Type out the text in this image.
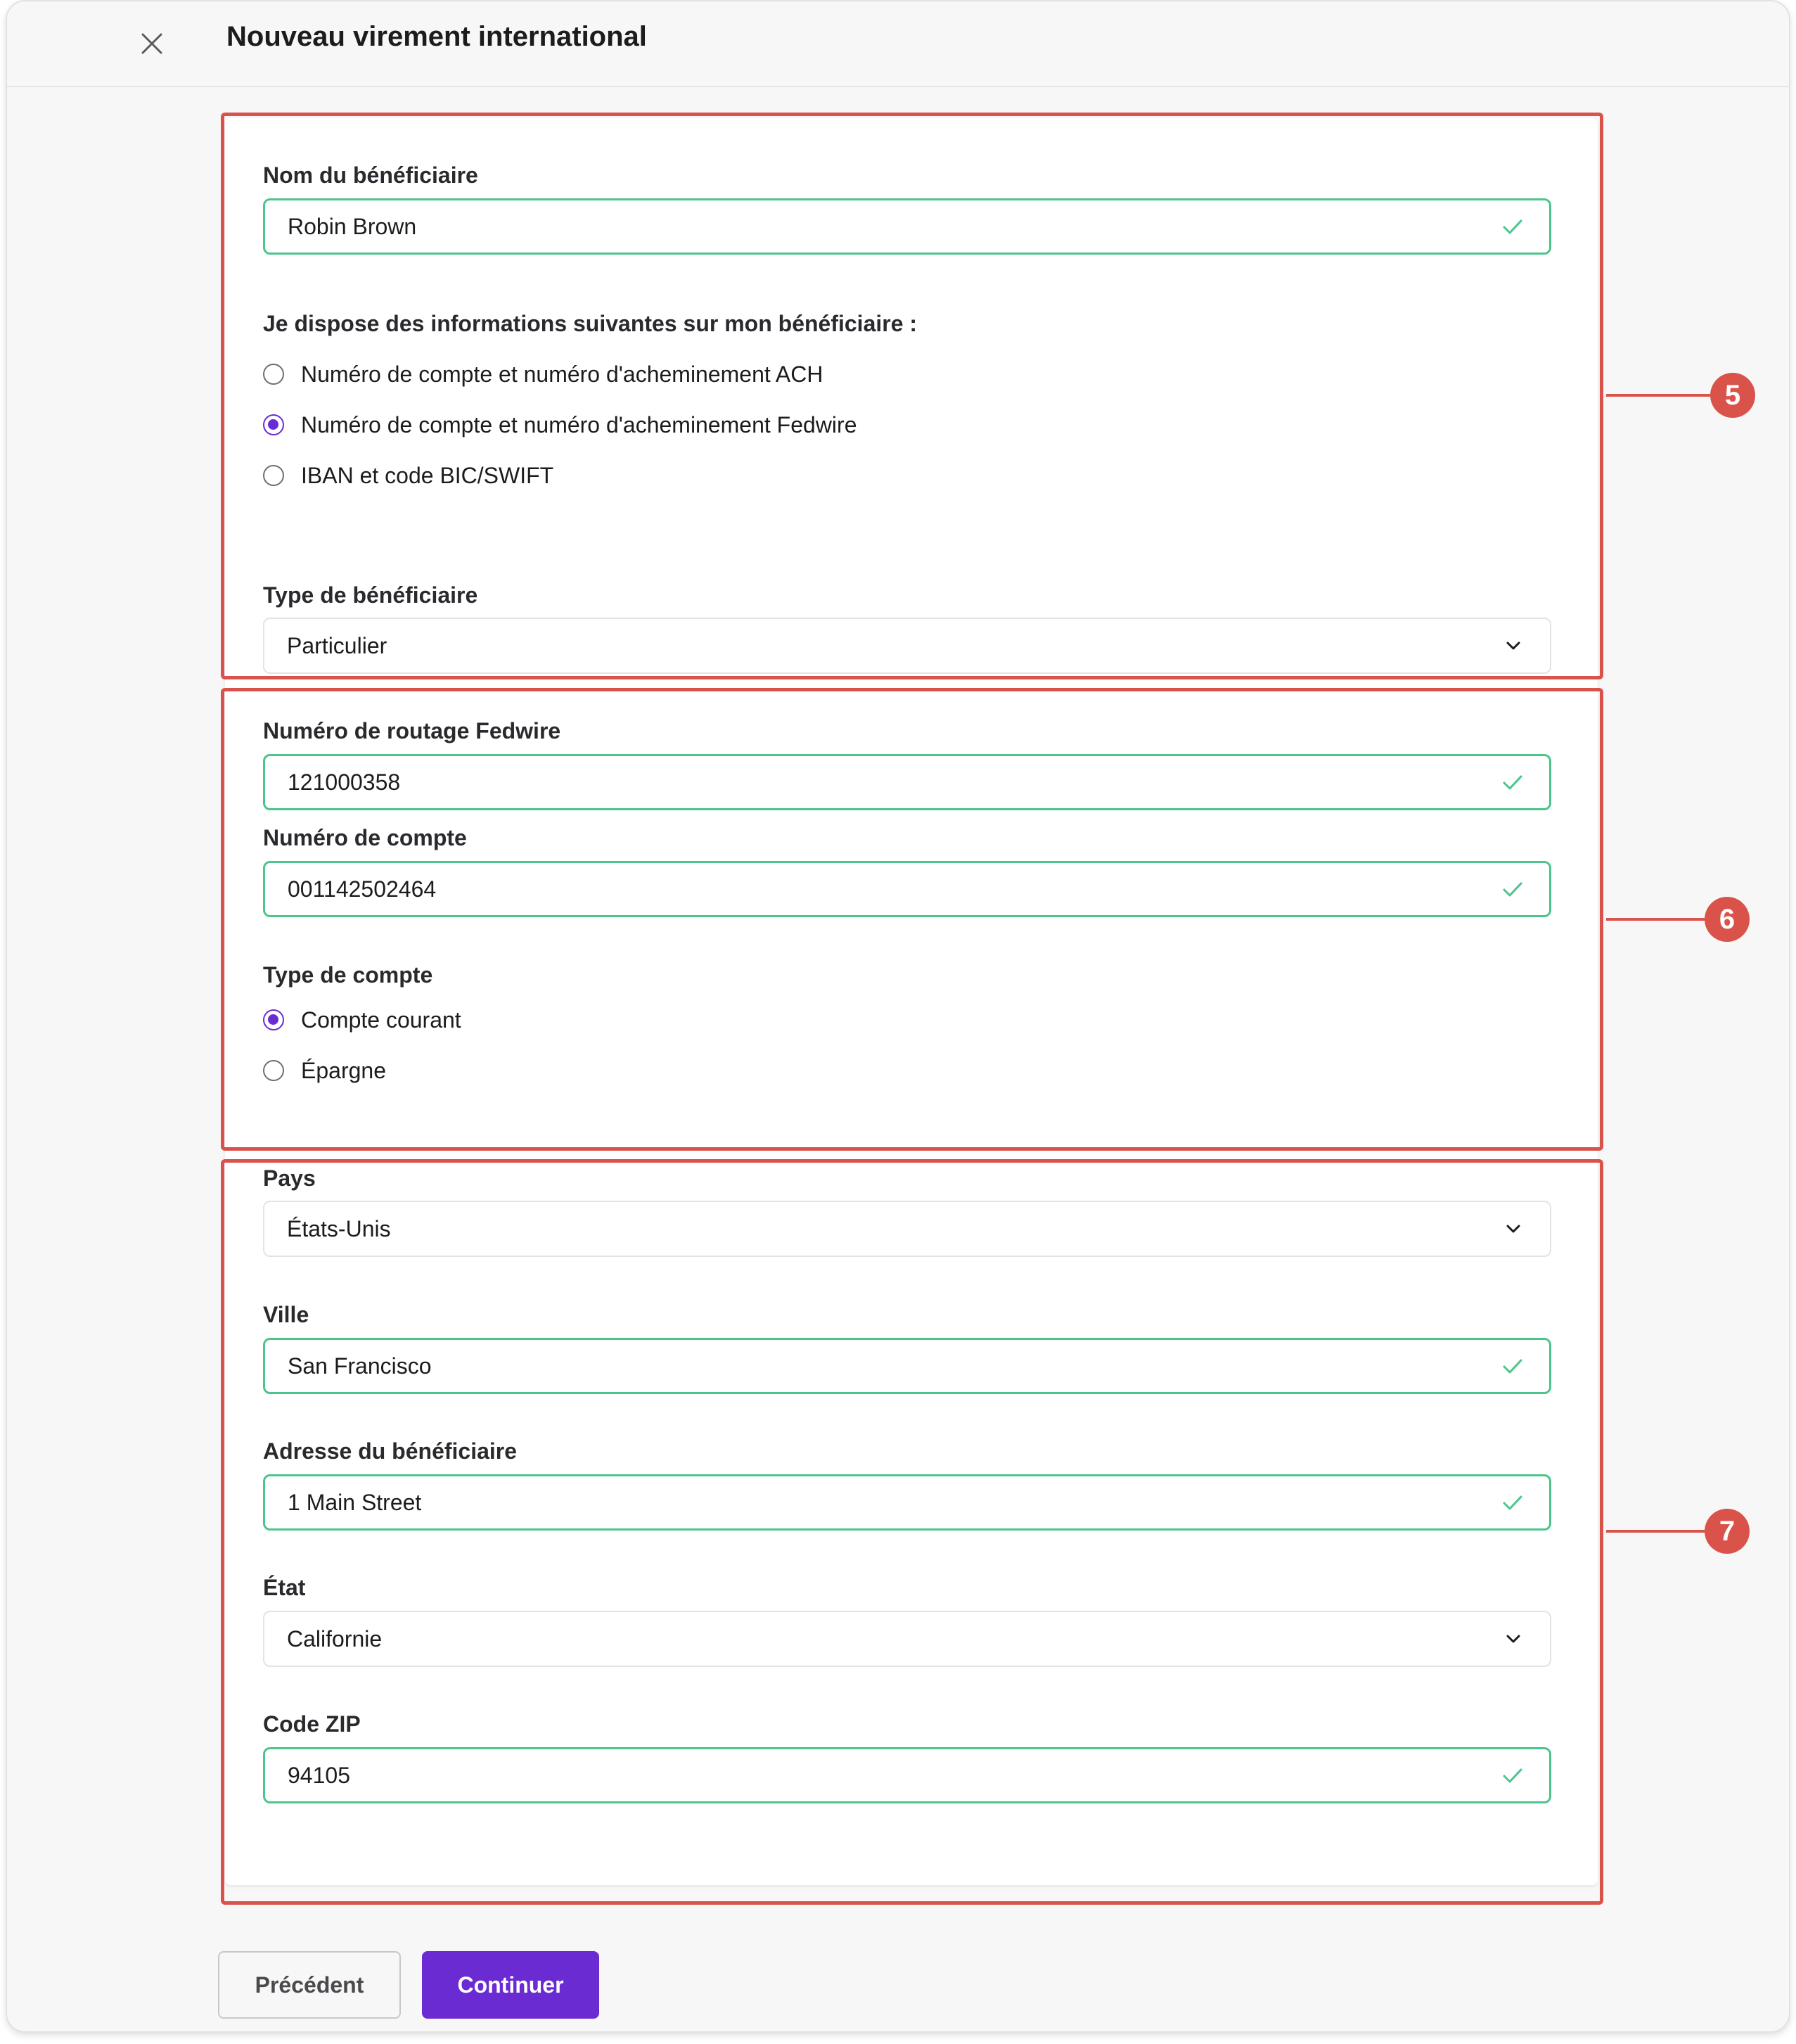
Nouveau virement international
Nom du bénéficiaire
Robin Brown
Je dispose des informations suivantes sur mon bénéficiaire :
Numéro de compte et numéro d'acheminement ACH
Numéro de compte et numéro d'acheminement Fedwire
IBAN et code BIC/SWIFT
Type de bénéficiaire
Particulier
Numéro de routage Fedwire
121000358
Numéro de compte
001142502464
Type de compte
Compte courant
Épargne
Pays
États-Unis
Ville
San Francisco
Adresse du bénéficiaire
1 Main Street
État
Californie
Code ZIP
94105
5
6
7
Précédent	Continuer
